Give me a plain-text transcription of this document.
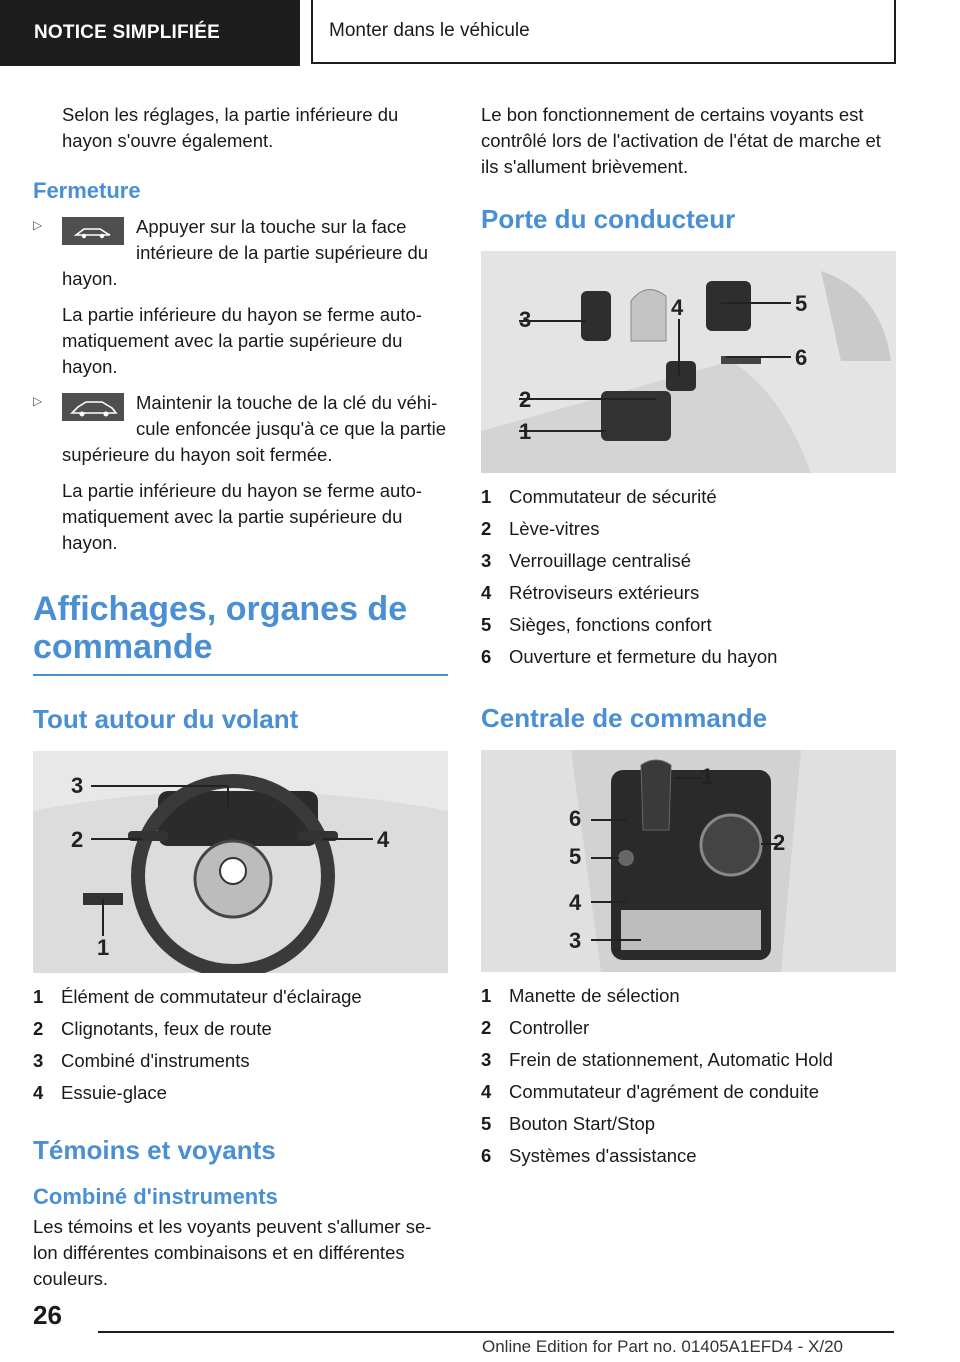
NOTICE SIMPLIFIÉE	Monter dans le véhicule

Selon les réglages, la partie inférieure du hayon s'ouvre également.

Fermeture
▷	Appuyer sur la touche sur la face intérieure de la partie supérieure du hayon.

La partie inférieure du hayon se ferme automatiquement avec la partie supérieure du hayon.

▷	Maintenir la touche de la clé du véhicule enfoncée jusqu'à ce que la partie supérieure du hayon soit fermée.

La partie inférieure du hayon se ferme automatiquement avec la partie supérieure du hayon.

Affichages, organes de commande
Tout autour du volant
3
2	4
1
1 Élément de commutateur d'éclairage
2 Clignotants, feux de route
3 Combiné d'instruments
4 Essuie-glace
Témoins et voyants
Combiné d'instruments

Les témoins et les voyants peuvent s'allumer selon différentes combinaisons et en différentes couleurs.

Le bon fonctionnement de certains voyants est contrôlé lors de l'activation de l'état de marche et ils s'allument brièvement.

Porte du conducteur
3	4	5
6
2
1
1 Commutateur de sécurité
2 Lève-vitres
3 Verrouillage centralisé
4 Rétroviseurs extérieurs
5 Sièges, fonctions confort
6 Ouverture et fermeture du hayon
Centrale de commande
1
2
6
5
4
3
1 Manette de sélection
2 Controller
3 Frein de stationnement, Automatic Hold
4 Commutateur d'agrément de conduite
5 Bouton Start/Stop
6 Systèmes d'assistance
26
Online Edition for Part no. 01405A1EFD4 - X/20
